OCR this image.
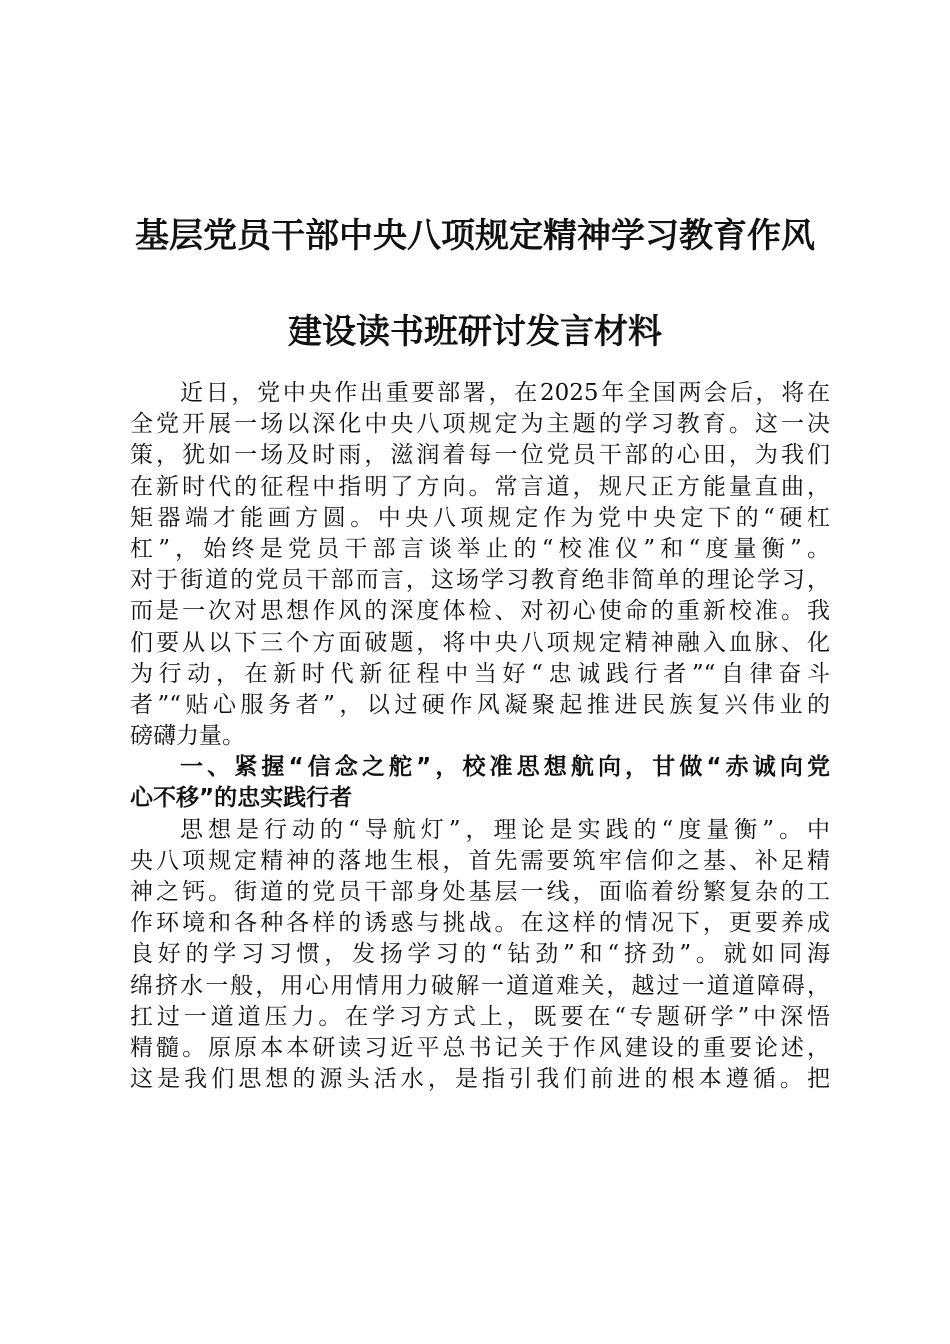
基层党员干部中央八项规定精神学习教育作风
建设读书班研讨发言材料
近日，党中央作出重要部署，在2025年全国两会后，将在
全党开展一场以深化中央八项规定为主题的学习教育。这一决
策，犹如一场及时雨，滋润着每一位党员干部的心田，为我们
在新时代的征程中指明了方向。常言道，规尺正方能量直曲，
矩器端才能画方圆。中央八项规定作为党中央定下的“硬杠
杠”，始终是党员干部言谈举止的“校准仪”和“度量衡”。
对于街道的党员干部而言，这场学习教育绝非简单的理论学习，
而是一次对思想作风的深度体检、对初心使命的重新校准。我
们要从以下三个方面破题，将中央八项规定精神融入血脉、化
为行动，在新时代新征程中当好“忠诚践行者”“自律奋斗
者”“贴心服务者”，以过硬作风凝聚起推进民族复兴伟业的
磅礴力量。
一、紧握“信念之舵”，校准思想航向，甘做“赤诚向党
心不移”的忠实践行者
思想是行动的“导航灯”，理论是实践的“度量衡”。中
央八项规定精神的落地生根，首先需要筑牢信仰之基、补足精
神之钙。街道的党员干部身处基层一线，面临着纷繁复杂的工
作环境和各种各样的诱惑与挑战。在这样的情况下，更要养成
良好的学习习惯，发扬学习的“钻劲”和“挤劲”。就如同海
绵挤水一般，用心用情用力破解一道道难关，越过一道道障碍，
扛过一道道压力。在学习方式上，既要在“专题研学”中深悟
精髓。原原本本研读习近平总书记关于作风建设的重要论述，
这是我们思想的源头活水，是指引我们前进的根本遵循。把
